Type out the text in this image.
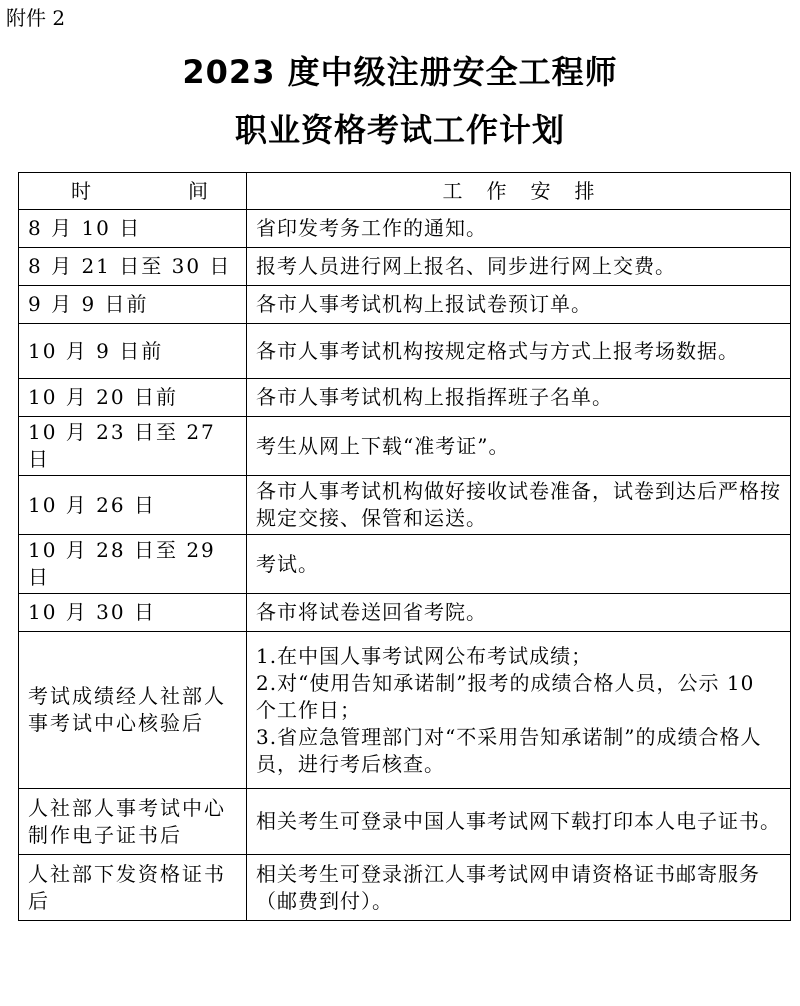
附件 2
2023 度中级注册安全工程师
职业资格考试工作计划
时 间	工作安排

8 月 10 日	省印发考务工作的通知。

8 月 21 日至 30 日	报考人员进行网上报名、同步进行网上交费。

9 月 9 日前	各市人事考试机构上报试卷预订单。

10 月 9 日前	各市人事考试机构按规定格式与方式上报考场数据。

10 月 20 日前	各市人事考试机构上报指挥班子名单。

10 月 23 日至 27 日	考生从网上下载“准考证”。

10 月 26 日	各市人事考试机构做好接收试卷准备，试卷到达后严格按规定交接、保管和运送。

10 月 28 日至 29 日	考试。

10 月 30 日	各市将试卷送回省考院。

考试成绩经人社部人事考试中心核验后	1.在中国人事考试网公布考试成绩；
2.对“使用告知承诺制”报考的成绩合格人员，公示 10 个工作日；
3.省应急管理部门对“不采用告知承诺制”的成绩合格人员，进行考后核查。

人社部人事考试中心制作电子证书后	相关考生可登录中国人事考试网下载打印本人电子证书。

人社部下发资格证书后	相关考生可登录浙江人事考试网申请资格证书邮寄服务（邮费到付）。
